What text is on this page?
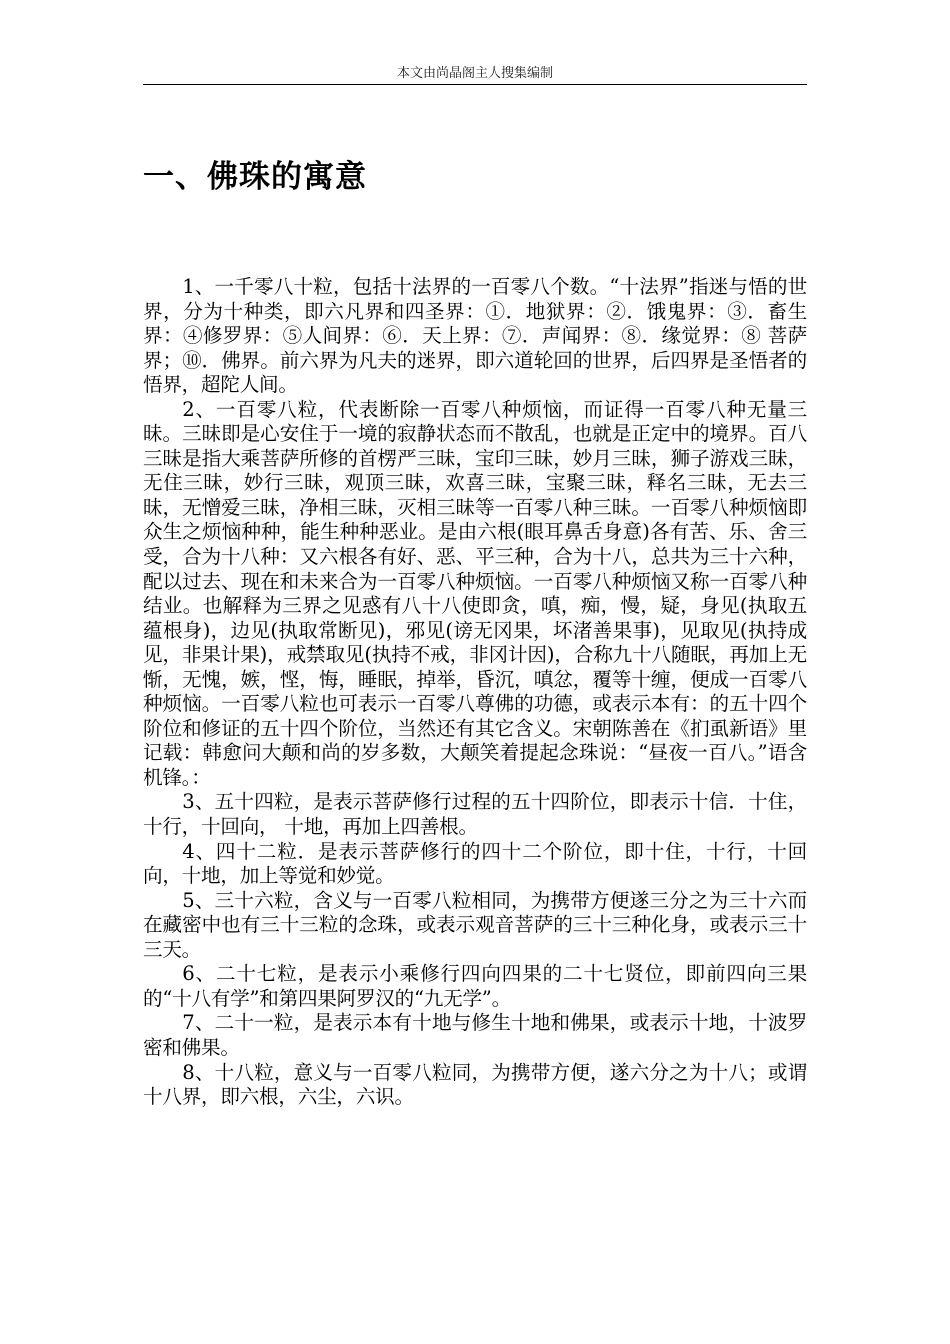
本文由尚晶阁主人搜集编制
一、佛珠的寓意

1、一千零八十粒，包括十法界的一百零八个数。“十法界”指迷与悟的世界，分为十种类，即六凡界和四圣界：①．地狱界：②．饿鬼界：③．畜生界：④修罗界：⑤人间界：⑥．天上界：⑦．声闻界：⑧．缘觉界：⑧ 菩萨界；⑩．佛界。前六界为凡夫的迷界，即六道轮回的世界，后四界是圣悟者的悟界，超陀人间。

2、一百零八粒，代表断除一百零八种烦恼，而证得一百零八种无量三昧。三昧即是心安住于一境的寂静状态而不散乱，也就是正定中的境界。百八三昧是指大乘菩萨所修的首楞严三昧，宝印三昧，妙月三昧，狮子游戏三昧，无住三昧，妙行三昧，观顶三昧，欢喜三昧，宝聚三昧，释名三昧，无去三昧，无憎爱三昧，净相三昧，灭相三昧等一百零八种三昧。一百零八种烦恼即众生之烦恼种种，能生种种恶业。是由六根(眼耳鼻舌身意)各有苦、乐、舍三受，合为十八种：又六根各有好、恶、平三种，合为十八，总共为三十六种，配以过去、现在和未来合为一百零八种烦恼。一百零八种烦恼又称一百零八种结业。也解释为三界之见惑有八十八使即贪，嗔，痴，慢，疑，身见(执取五蕴根身)，边见(执取常断见)，邪见(谤无冈果，坏渚善果事)，见取见(执持成见，非果计果)，戒禁取见(执持不戒，非冈计因)，合称九十八随眠，再加上无惭，无愧，嫉，悭，悔，睡眠，掉举，昏沉，嗔忿，覆等十缠，便成一百零八种烦恼。一百零八粒也可表示一百零八尊佛的功德，或表示本有：的五十四个阶位和修证的五十四个阶位，当然还有其它含义。宋朝陈善在《扪虱新语》里记载：韩愈问大颠和尚的岁多数，大颠笑着提起念珠说：“昼夜一百八。”语含机锋。：

3、五十四粒，是表示菩萨修行过程的五十四阶位，即表示十信．十住，十行，十回向， 十地，再加上四善根。

4、四十二粒．是表示菩萨修行的四十二个阶位，即十住，十行，十回向，十地，加上等觉和妙觉。

5、三十六粒，含义与一百零八粒相同，为携带方便遂三分之为三十六而 在藏密中也有三十三粒的念珠，或表示观音菩萨的三十三种化身，或表示三十三天。

6、二十七粒，是表示小乘修行四向四果的二十七贤位，即前四向三果的“十八有学”和第四果阿罗汉的“九无学”。

7、二十一粒，是表示本有十地与修生十地和佛果，或表示十地，十波罗密和佛果。

8、十八粒，意义与一百零八粒同，为携带方便，遂六分之为十八；或谓十八界，即六根，六尘，六识。
